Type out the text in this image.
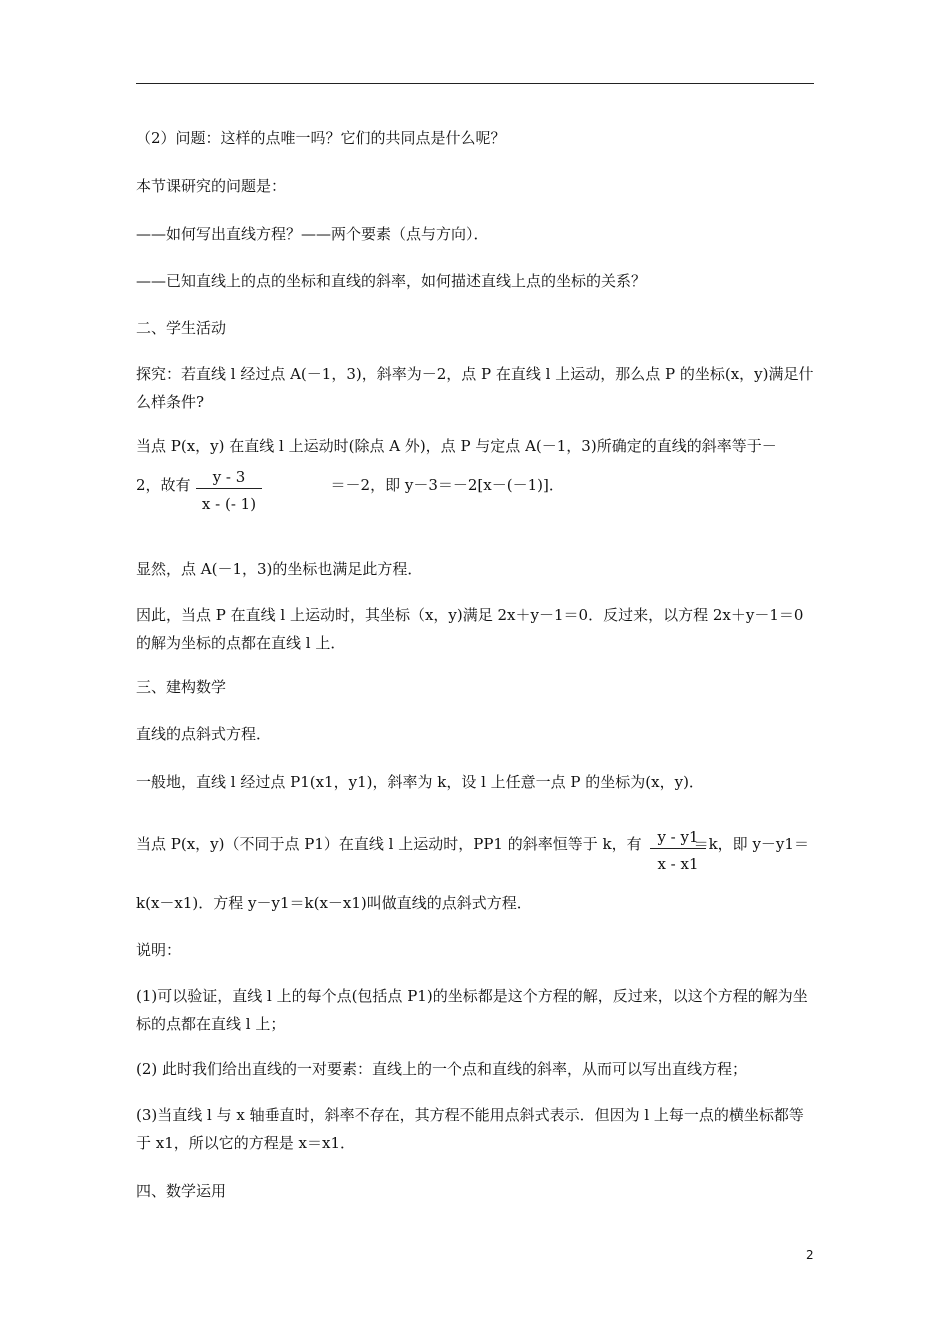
（2）问题：这样的点唯一吗？它们的共同点是什么呢？
本节课研究的问题是：
——如何写出直线方程？——两个要素（点与方向）．
——已知直线上的点的坐标和直线的斜率，如何描述直线上点的坐标的关系？
二、学生活动
探究：若直线 l 经过点 A(－1，3)，斜率为－2，点 P 在直线 l 上运动，那么点 P 的坐标(x，y)满足什么样条件?
当点 P(x，y) 在直线 l 上运动时(除点 A 外)，点 P 与定点 A(－1，3)所确定的直线的斜率等于－
2，故有	＝－2，即 y－3＝－2[x－(－1)]．
$\frac{y - 3}{x - (- 1)}$
显然，点 A(－1，3)的坐标也满足此方程．
因此，当点 P 在直线 l 上运动时，其坐标（x，y)满足 2x＋y－1＝0．反过来，以方程 2x＋y－1＝0 的解为坐标的点都在直线 l 上．
三、建构数学
直线的点斜式方程．
一般地，直线 l 经过点 P1(x1，y1)，斜率为 k，设 l 上任意一点 P 的坐标为(x，y)．
当点 P(x，y)（不同于点 P1）在直线 l 上运动时，PP1 的斜率恒等于 k，有	＝k，即 y－y1＝
$\frac{y - y1}{x - x1}$
k(x－x1)．方程 y－y1＝k(x－x1)叫做直线的点斜式方程．
说明：
(1)可以验证，直线 l 上的每个点(包括点 P1)的坐标都是这个方程的解，反过来，以这个方程的解为坐标的点都在直线 l 上；
(2) 此时我们给出直线的一对要素：直线上的一个点和直线的斜率，从而可以写出直线方程；
(3)当直线 l 与 x 轴垂直时，斜率不存在，其方程不能用点斜式表示．但因为 l 上每一点的横坐标都等于 x1，所以它的方程是 x＝x1．
四、数学运用
2
